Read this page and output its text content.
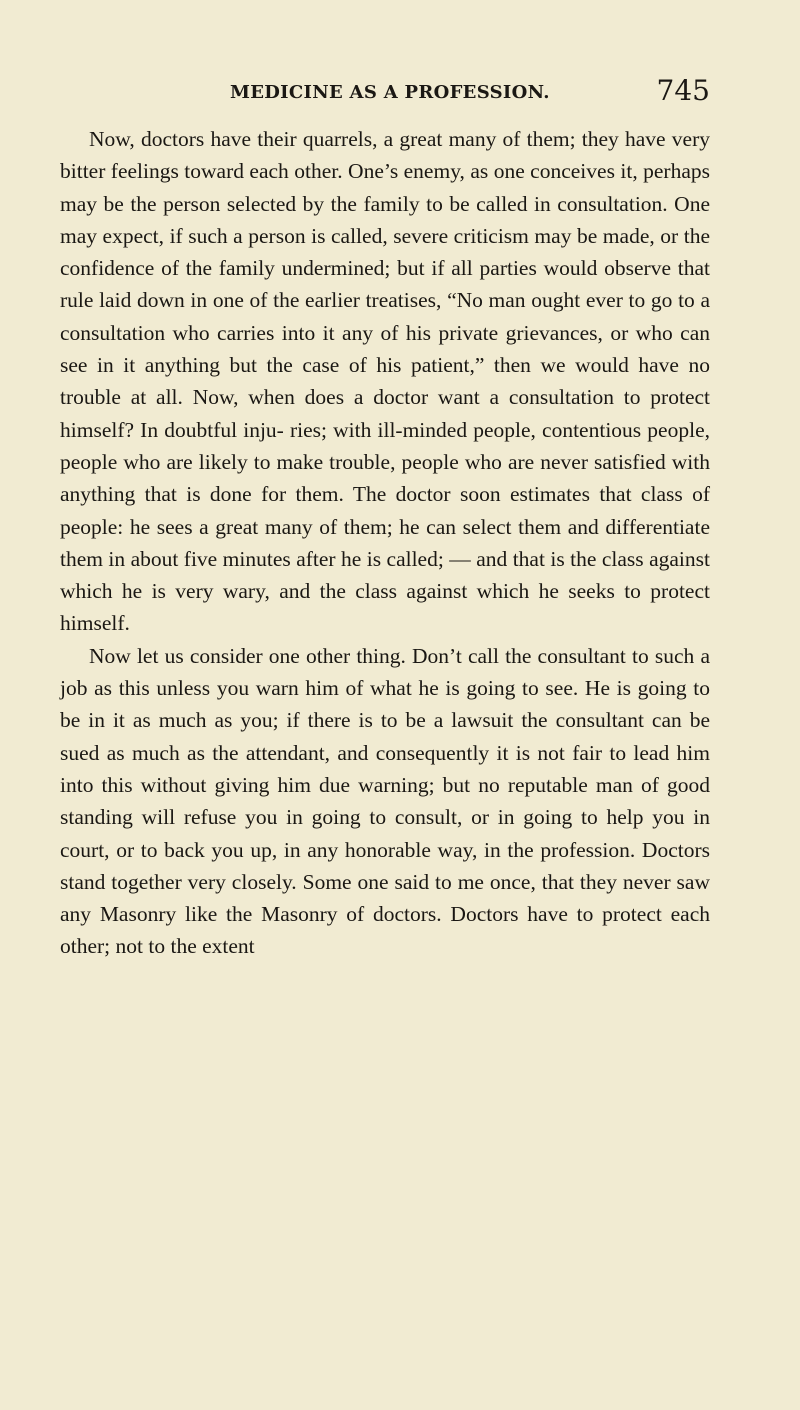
MEDICINE AS A PROFESSION.	745

Now, doctors have their quarrels, a great many of them; they have very bitter feelings toward each other. One’s enemy, as one conceives it, perhaps may be the person selected by the family to be called in consultation. One may expect, if such a person is called, severe criticism may be made, or the confidence of the family undermined; but if all parties would observe that rule laid down in one of the earlier treatises, “No man ought ever to go to a consultation who carries into it any of his private grievances, or who can see in it anything but the case of his patient,” then we would have no trouble at all. Now, when does a doctor want a consultation to protect himself? In doubtful inju- ries; with ill-minded people, contentious people, people who are likely to make trouble, people who are never satisfied with anything that is done for them. The doctor soon estimates that class of people: he sees a great many of them; he can select them and differentiate them in about five minutes after he is called; — and that is the class against which he is very wary, and the class against which he seeks to protect himself.

Now let us consider one other thing. Don’t call the consultant to such a job as this unless you warn him of what he is going to see. He is going to be in it as much as you; if there is to be a lawsuit the consultant can be sued as much as the attendant, and consequently it is not fair to lead him into this without giving him due warning; but no reputable man of good standing will refuse you in going to consult, or in going to help you in court, or to back you up, in any honorable way, in the profession. Doctors stand together very closely. Some one said to me once, that they never saw any Masonry like the Masonry of doctors. Doctors have to protect each other; not to the extent
